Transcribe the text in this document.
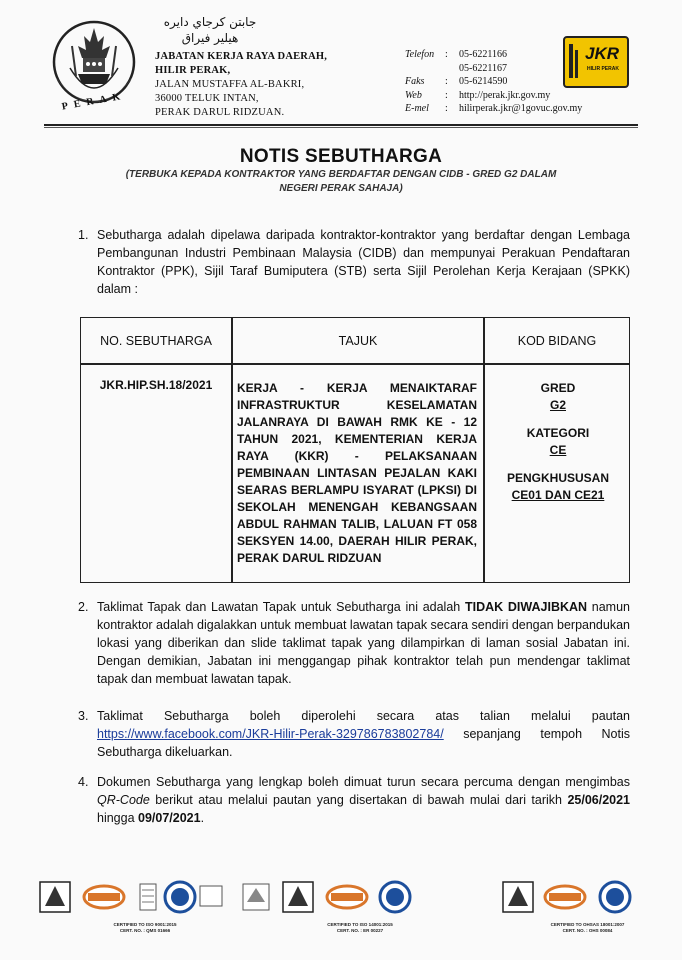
PERAK
جابتن كرجاي دايره
هيلير فيراق
JABATAN KERJA RAYA DAERAH,
HILIR PERAK,
JALAN MUSTAFFA AL-BAKRI,
36000 TELUK INTAN,
PERAK DARUL RIDZUAN.
Telefon	:	05-6221166
05-6221167
Faks	:	05-6214590
Web	:	http://perak.jkr.gov.my
E-mel	:	hilirperak.jkr@1govuc.gov.my
JKR
HILIR PERAK
NOTIS SEBUTHARGA
(TERBUKA KEPADA KONTRAKTOR YANG BERDAFTAR DENGAN CIDB - GRED G2 DALAM
NEGERI PERAK SAHAJA)
1. Sebutharga adalah dipelawa daripada kontraktor-kontraktor yang berdaftar dengan Lembaga Pembangunan Industri Pembinaan Malaysia (CIDB) dan mempunyai Perakuan Pendaftaran Kontraktor (PPK), Sijil Taraf Bumiputera (STB) serta Sijil Perolehan Kerja Kerajaan (SPKK) dalam :
NO. SEBUTHARGA	TAJUK	KOD BIDANG
JKR.HIP.SH.18/2021	KERJA - KERJA MENAIKTARAF INFRASTRUKTUR KESELAMATAN JALANRAYA DI BAWAH RMK KE - 12 TAHUN 2021, KEMENTERIAN KERJA RAYA (KKR) - PELAKSANAAN PEMBINAAN LINTASAN PEJALAN KAKI SEARAS BERLAMPU ISYARAT (LPKSI) DI SEKOLAH MENENGAH KEBANGSAAN ABDUL RAHMAN TALIB, LALUAN FT 058 SEKSYEN 14.00, DAERAH HILIR PERAK, PERAK DARUL RIDZUAN
GRED
G2
KATEGORI
CE
PENGKHUSUSAN
CE01 DAN CE21
2. Taklimat Tapak dan Lawatan Tapak untuk Sebutharga ini adalah TIDAK DIWAJIBKAN namun kontraktor adalah digalakkan untuk membuat lawatan tapak secara sendiri dengan berpandukan lokasi yang diberikan dan slide taklimat tapak yang dilampirkan di laman sosial Jabatan ini. Dengan demikian, Jabatan ini menggangap pihak kontraktor telah pun mendengar taklimat tapak dan membuat lawatan tapak.
3. Taklimat Sebutharga boleh diperolehi secara atas talian melalui pautan https://www.facebook.com/JKR-Hilir-Perak-329786783802784/ sepanjang tempoh Notis Sebutharga dikeluarkan.
4. Dokumen Sebutharga yang lengkap boleh dimuat turun secara percuma dengan mengimbas QR-Code berikut atau melalui pautan yang disertakan di bawah mulai dari tarikh 25/06/2021 hingga 09/07/2021.
CERTIFIED TO ISO 9001:2015
CERT. NO. : QMS 01666
CERTIFIED TO ISO 14001:2015
CERT. NO. : ER 00227
CERTIFIED TO OHSAS 18001:2007
CERT. NO. : OHS 00084
